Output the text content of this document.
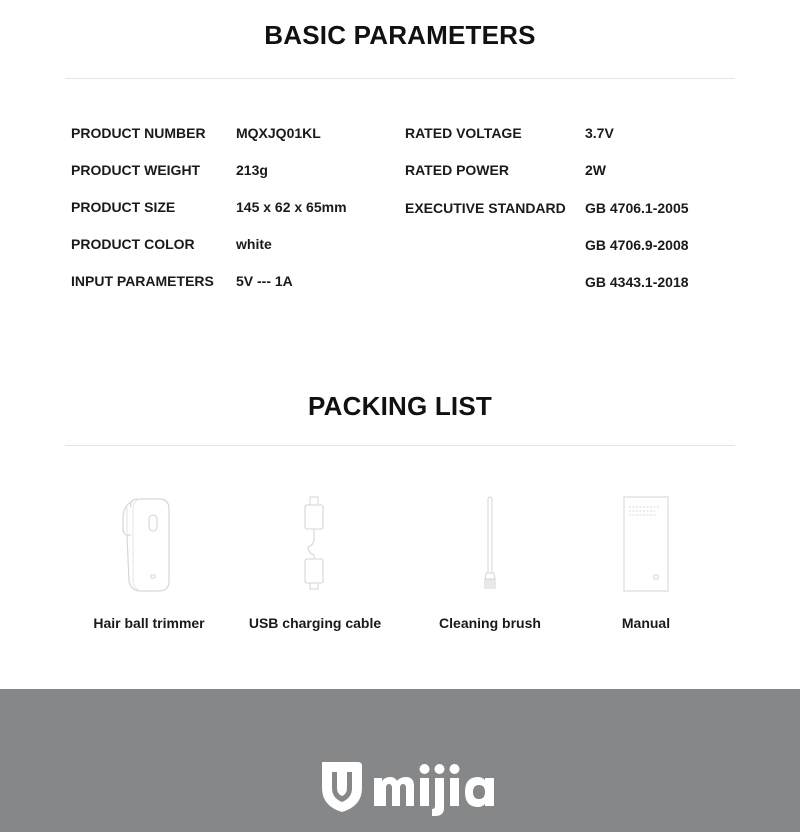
BASIC PARAMETERS
PRODUCT NUMBER MQXJQ01KL
PRODUCT WEIGHT	213g
PRODUCT SIZE	145 x 62 x 65mm
PRODUCT COLOR	white
INPUT PARAMETERS 5V --- 1A
RATED VOLTAGE	3.7V
RATED POWER	2W
EXECUTIVE STANDARD GB 4706.1-2005
GB 4706.9-2008
GB 4343.1-2018
PACKING LIST
Hair ball trimmer	USB charging cable	Cleaning brush	Manual
